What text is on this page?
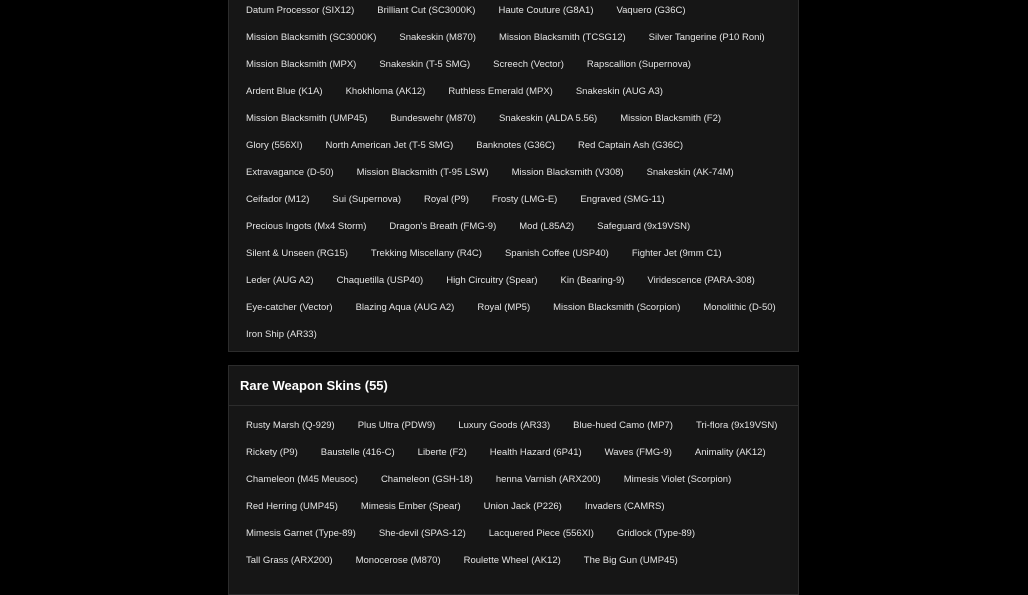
Datum Processor (SIX12) Brilliant Cut (SC3000K) Haute Couture (G8A1) Vaquero (G36C)
Mission Blacksmith (SC3000K) Snakeskin (M870) Mission Blacksmith (TCSG12) Silver Tangerine (P10 Roni)
Mission Blacksmith (MPX) Snakeskin (T-5 SMG) Screech (Vector) Rapscallion (Supernova)
Ardent Blue (K1A) Khokhloma (AK12) Ruthless Emerald (MPX) Snakeskin (AUG A3)
Mission Blacksmith (UMP45) Bundeswehr (M870) Snakeskin (ALDA 5.56) Mission Blacksmith (F2)
Glory (556XI) North American Jet (T-5 SMG) Banknotes (G36C) Red Captain Ash (G36C)
Extravagance (D-50) Mission Blacksmith (T-95 LSW) Mission Blacksmith (V308) Snakeskin (AK-74M)
Ceifador (M12) Sui (Supernova) Royal (P9) Frosty (LMG-E) Engraved (SMG-11)
Precious Ingots (Mx4 Storm) Dragon's Breath (FMG-9) Mod (L85A2) Safeguard (9x19VSN)
Silent & Unseen (RG15) Trekking Miscellany (R4C) Spanish Coffee (USP40) Fighter Jet (9mm C1)
Leder (AUG A2) Chaquetilla (USP40) High Circuitry (Spear) Kin (Bearing-9) Viridescence (PARA-308)
Eye-catcher (Vector) Blazing Aqua (AUG A2) Royal (MP5) Mission Blacksmith (Scorpion) Monolithic (D-50)
Iron Ship (AR33)
Rare Weapon Skins (55)
Rusty Marsh (Q-929) Plus Ultra (PDW9) Luxury Goods (AR33) Blue-hued Camo (MP7) Tri-flora (9x19VSN)
Rickety (P9) Baustelle (416-C) Liberte (F2) Health Hazard (6P41) Waves (FMG-9) Animality (AK12)
Chameleon (M45 Meusoc) Chameleon (GSH-18) henna Varnish (ARX200) Mimesis Violet (Scorpion)
Red Herring (UMP45) Mimesis Ember (Spear) Union Jack (P226) Invaders (CAMRS)
Mimesis Garnet (Type-89) She-devil (SPAS-12) Lacquered Piece (556XI) Gridlock (Type-89)
Tall Grass (ARX200) Monocerose (M870) Roulette Wheel (AK12) The Big Gun (UMP45)
